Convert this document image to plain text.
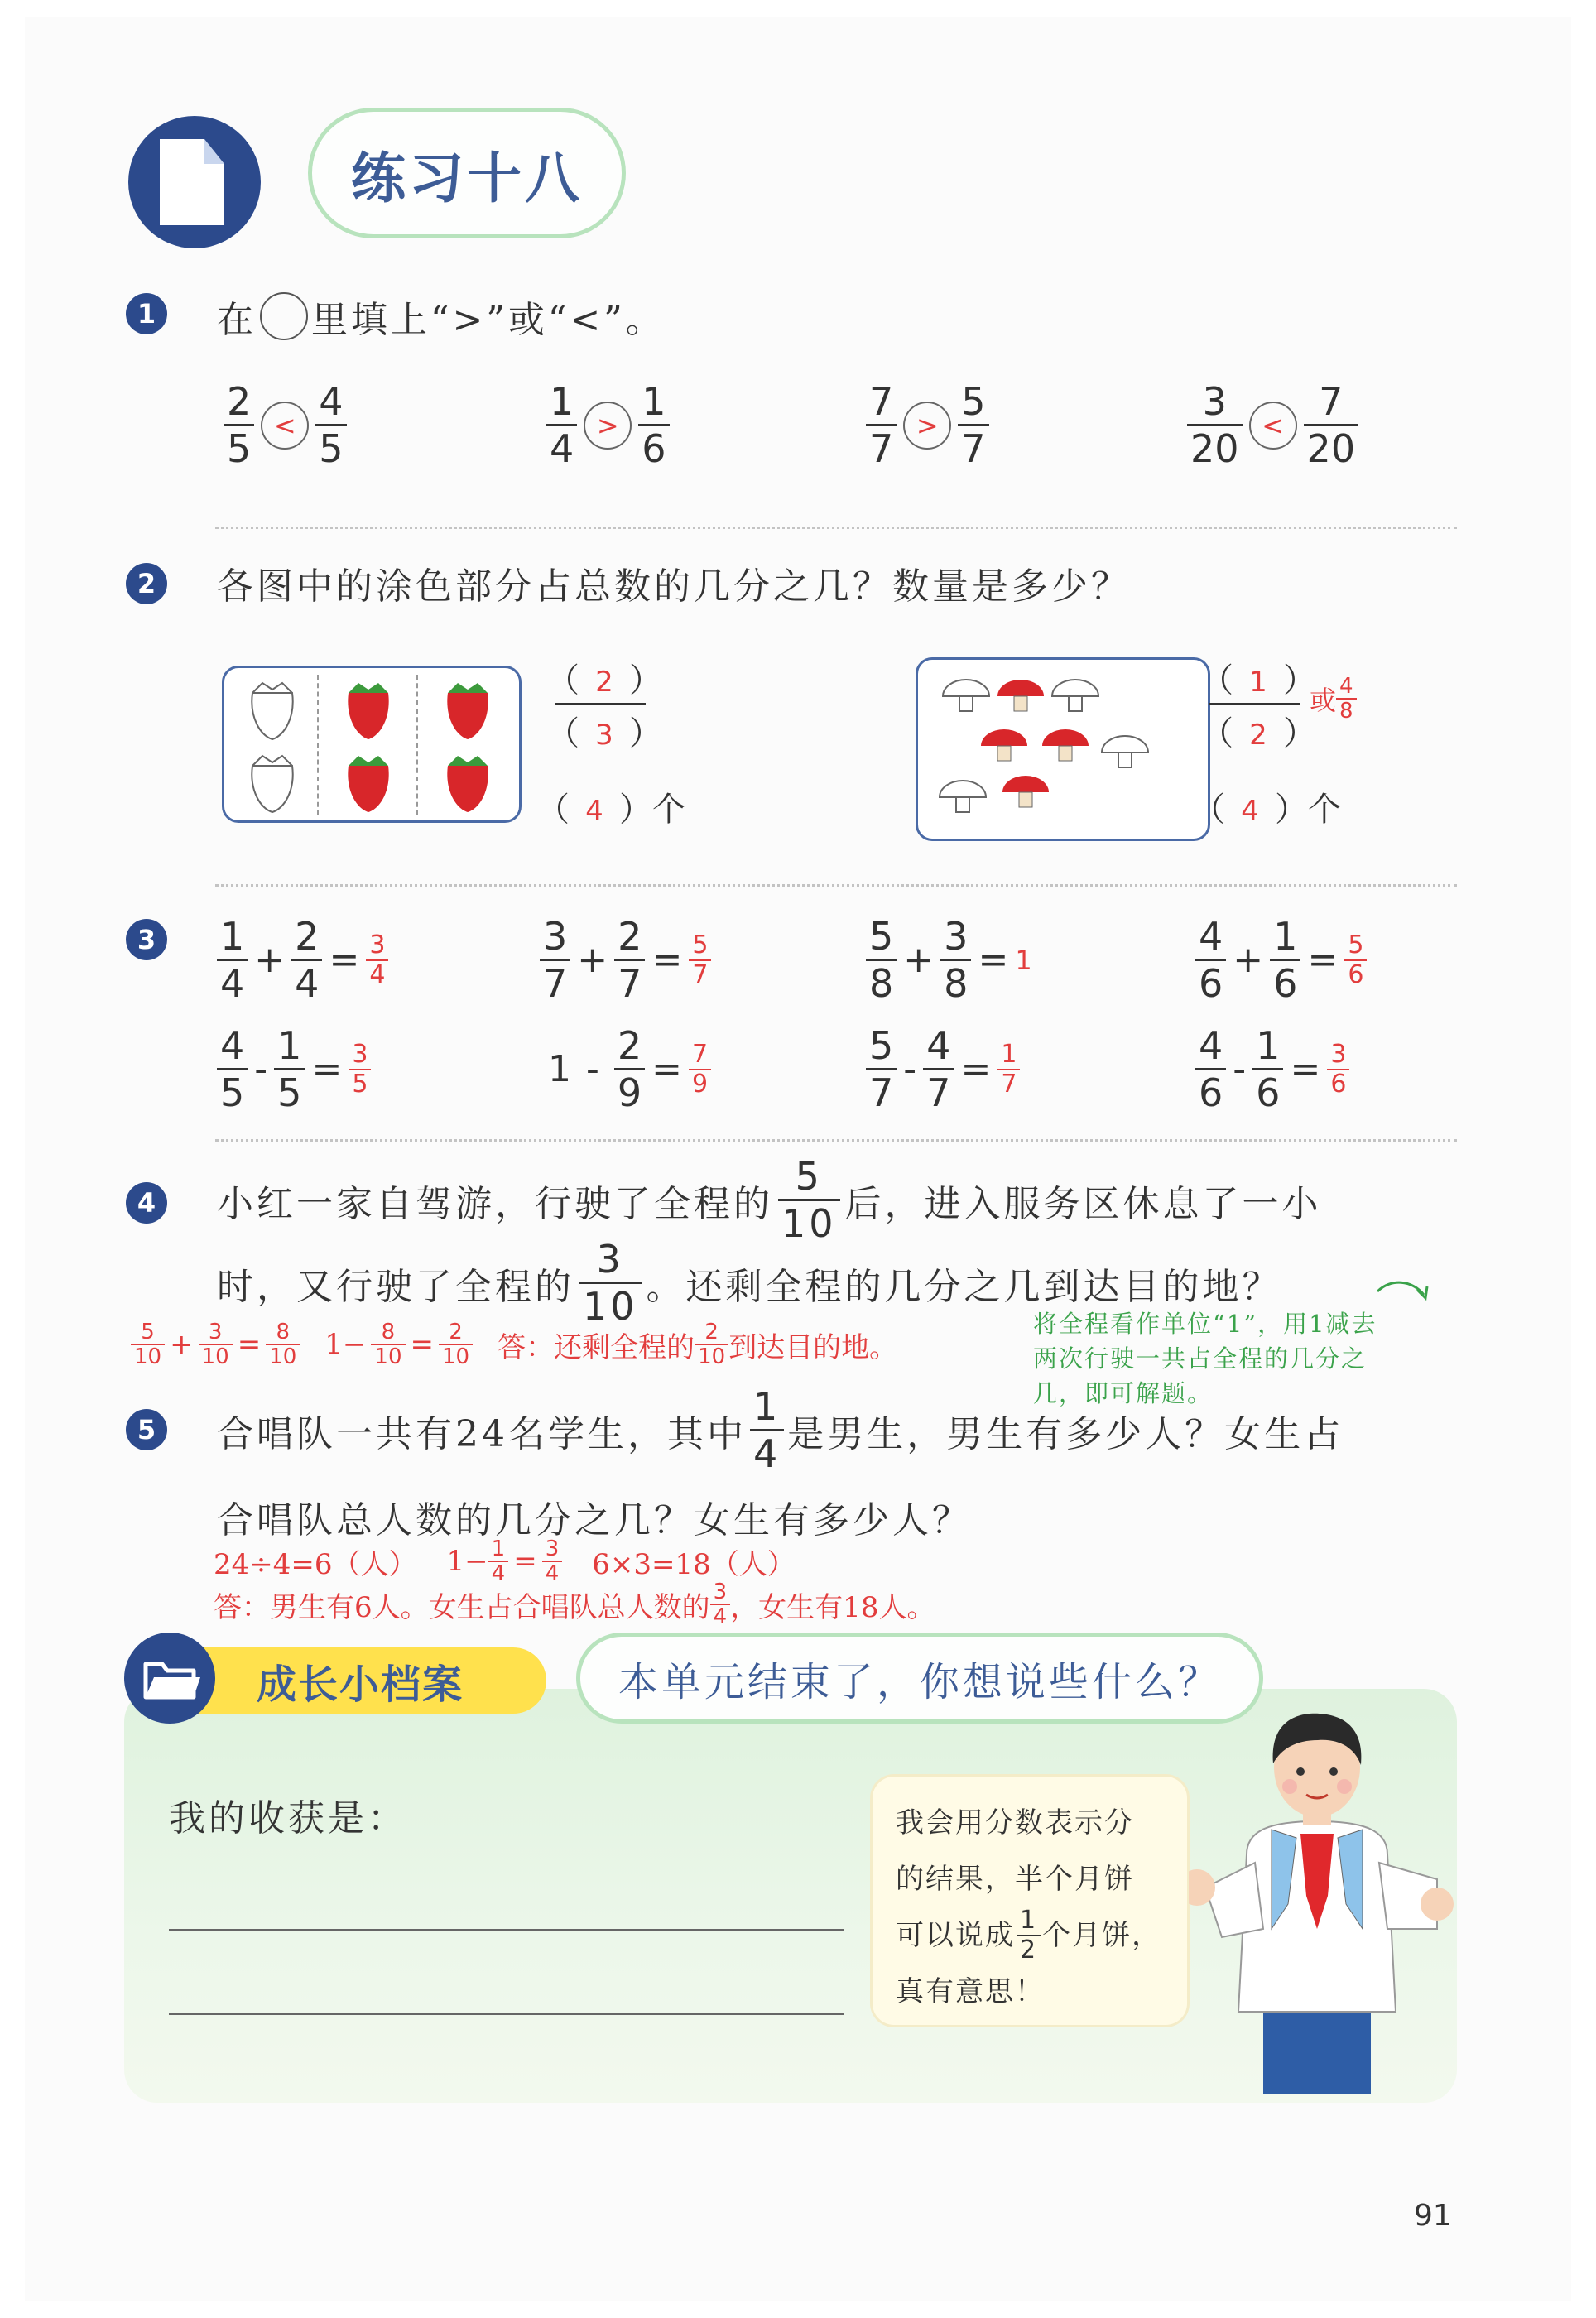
练习十八
1	在 里填上“>”或“<”。
$\frac{2}{5} < \frac{4}{5}$	$\frac{1}{4} > \frac{1}{6}$	$\frac{7}{7} > \frac{5}{7}$	$\frac{3}{20} < \frac{7}{20}$
2	各图中的涂色部分占总数的几分之几？数量是多少？
（ 2 ）
（ 3 ）
（ 4 ）个
（ 1 ）
（ 2 ）
或 $\frac{4}{8}$
（ 4 ）个
3	$\frac{1}{4} + \frac{2}{4} = \frac{3}{4}$	$\frac{3}{7} + \frac{2}{7} = \frac{5}{7}$	$\frac{5}{8} + \frac{3}{8} = 1$	$\frac{4}{6} + \frac{1}{6} = \frac{5}{6}$
$\frac{4}{5} - \frac{1}{5} = \frac{3}{5}$	$1 - \frac{2}{9} = \frac{7}{9}$	$\frac{5}{7} - \frac{4}{7} = \frac{1}{7}$	$\frac{4}{6} - \frac{1}{6} = \frac{3}{6}$
4	小红一家自驾游，行驶了全程的 $\frac{5}{10}$ 后，进入服务区休息了一小
时，又行驶了全程的 $\frac{3}{10}$ 。还剩全程的几分之几到达目的地？
$\frac{5}{10} + \frac{3}{10} = \frac{8}{10} 1- \frac{8}{10} = \frac{2}{10}$ 答：还剩全程的 $\frac{2}{10}$ 到达目的地。
将全程看作单位“1”，用1减去
两次行驶一共占全程的几分之
几，即可解题。
5	合唱队一共有24名学生，其中 $\frac{1}{4}$ 是男生，男生有多少人？女生占
合唱队总人数的几分之几？女生有多少人？
24÷4=6（人） $1- \frac{1}{4} = \frac{3}{4} 6\times 3=18$（人）
答：男生有6人。女生占合唱队总人数的 $\frac{3}{4}$ ，女生有18人。
成长小档案	本单元结束了，你想说些什么？
我的收获是：	我会用分数表示分
的结果，半个月饼
可以说成 $\frac{1}{2}$ 个月饼，
真有意思！
91
